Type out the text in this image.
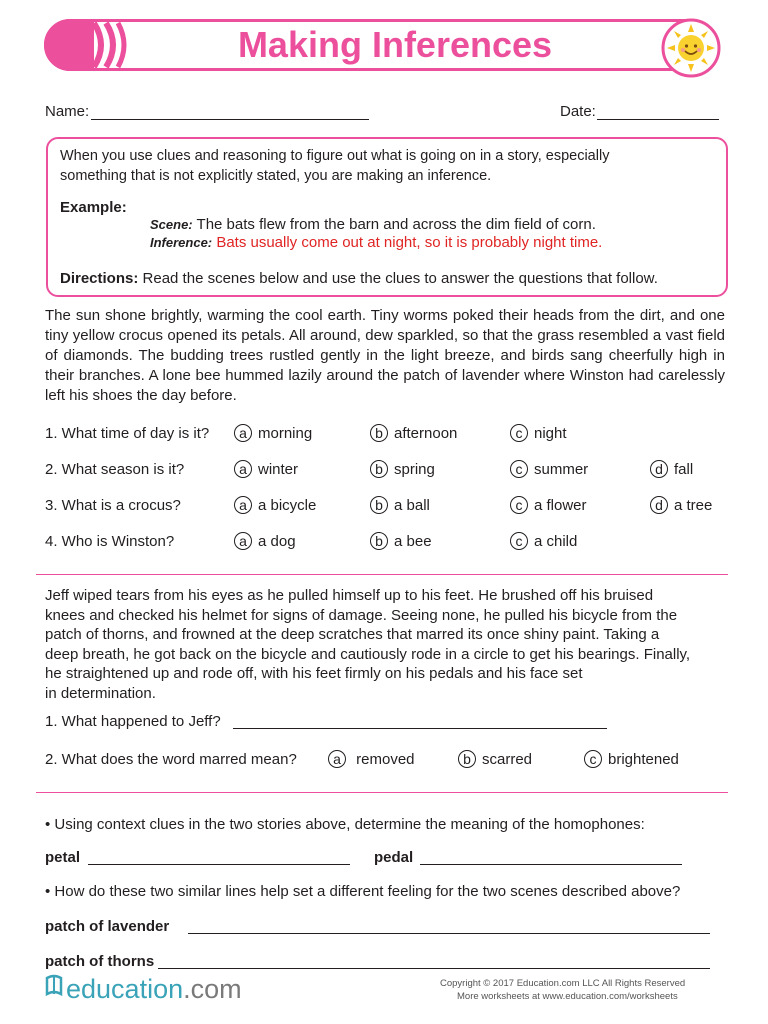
Making Inferences
Name:	Date:

When you use clues and reasoning to figure out what is going on in a story, especially something that is not explicitly stated, you are making an inference.

Example:
Scene: The bats flew from the barn and across the dim field of corn.
Inference: Bats usually come out at night, so it is probably night time.
Directions: Read the scenes below and use the clues to answer the questions that follow.

The sun shone brightly, warming the cool earth. Tiny worms poked their heads from the dirt, and one tiny yellow crocus opened its petals. All around, dew sparkled, so that the grass resembled a vast field of diamonds. The budding trees rustled gently in the light breeze, and birds sang cheerfully high in their branches. A lone bee hummed lazily around the patch of lavender where Winston had carelessly left his shoes the day before.

1. What time of day is it?	a morning	b afternoon	c night
2. What season is it?	a winter	b spring	c summer	d fall
3. What is a crocus?	a a bicycle	b a ball	c a flower	d a tree
4. Who is Winston?	a a dog	b a bee	c a child
Jeff wiped tears from his eyes as he pulled himself up to his feet. He brushed off his bruised
knees and checked his helmet for signs of damage. Seeing none, he pulled his bicycle from the
patch of thorns, and frowned at the deep scratches that marred its once shiny paint. Taking a
deep breath, he got back on the bicycle and cautiously rode in a circle to get his bearings. Finally,
he straightened up and rode off, with his feet firmly on his pedals and his face set
in determination.
1. What happened to Jeff?
2. What does the word marred mean?	a removed	b scarred	c brightened
• Using context clues in the two stories above, determine the meaning of the homophones:
petal	pedal
• How do these two similar lines help set a different feeling for the two scenes described above?
patch of lavender
patch of thorns
education.com	Copyright © 2017 Education.com LLC All Rights Reserved
More worksheets at www.education.com/worksheets
